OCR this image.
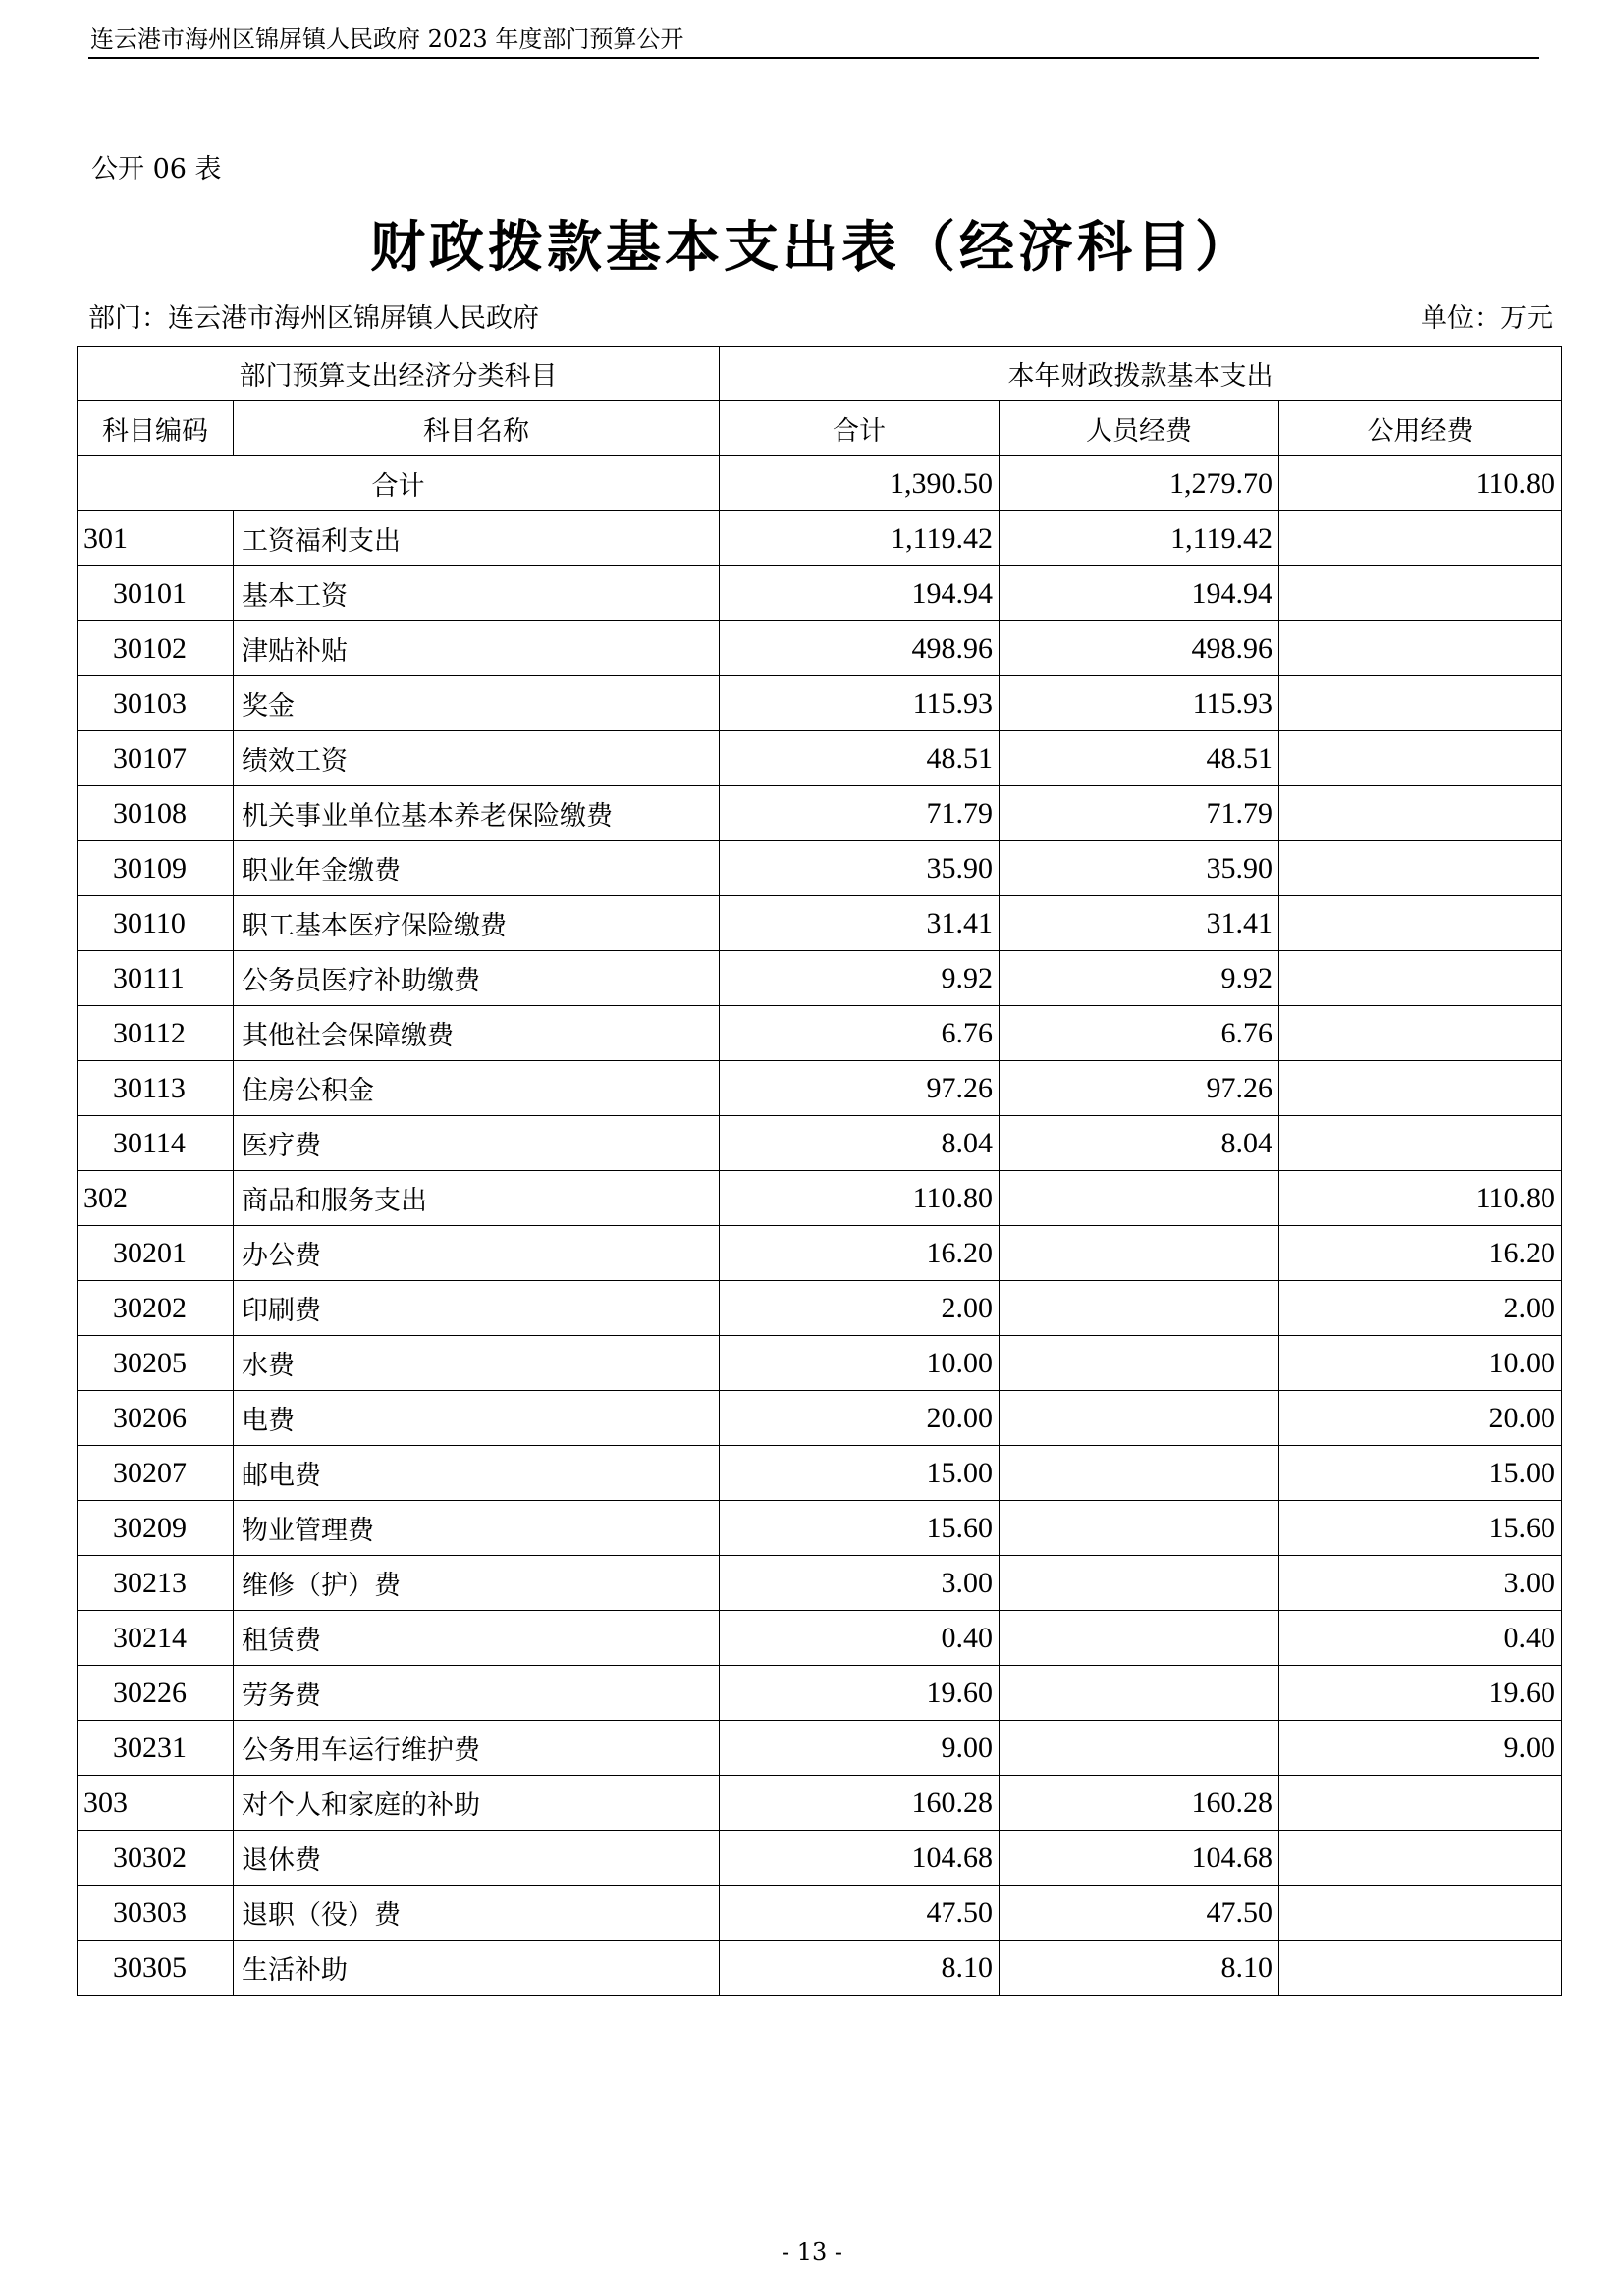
连云港市海州区锦屏镇人民政府 2023 年度部门预算公开
公开 06 表
财政拨款基本支出表（经济科目）
部门：连云港市海州区锦屏镇人民政府	单位：万元
部门预算支出经济分类科目		本年财政拨款基本支出		
科目编码	科目名称	合计	人员经费	公用经费
合计		1,390.50	1,279.70	110.80
301	工资福利支出	1,119.42	1,119.42	
30101	基本工资	194.94	194.94	
30102	津贴补贴	498.96	498.96	
30103	奖金	115.93	115.93	
30107	绩效工资	48.51	48.51	
30108	机关事业单位基本养老保险缴费	71.79	71.79	
30109	职业年金缴费	35.90	35.90	
30110	职工基本医疗保险缴费	31.41	31.41	
30111	公务员医疗补助缴费	9.92	9.92	
30112	其他社会保障缴费	6.76	6.76	
30113	住房公积金	97.26	97.26	
30114	医疗费	8.04	8.04	
302	商品和服务支出	110.80		110.80
30201	办公费	16.20		16.20
30202	印刷费	2.00		2.00
30205	水费	10.00		10.00
30206	电费	20.00		20.00
30207	邮电费	15.00		15.00
30209	物业管理费	15.60		15.60
30213	维修（护）费	3.00		3.00
30214	租赁费	0.40		0.40
30226	劳务费	19.60		19.60
30231	公务用车运行维护费	9.00		9.00
303	对个人和家庭的补助	160.28	160.28	
30302	退休费	104.68	104.68	
30303	退职（役）费	47.50	47.50	
30305	生活补助	8.10	8.10	
- 13 -
